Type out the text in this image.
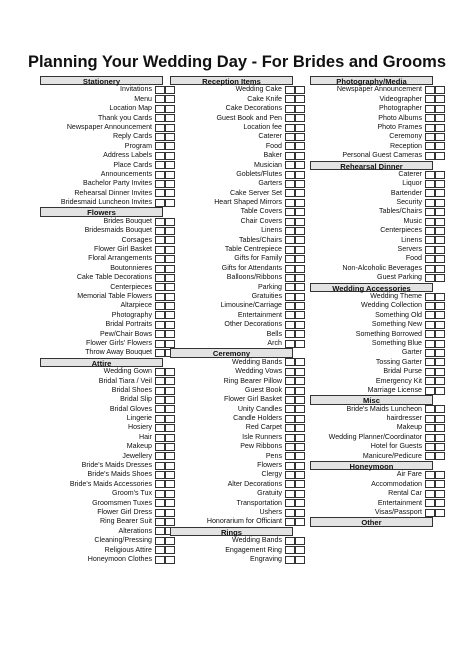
Planning Your Wedding Day - For Brides and Grooms
Stationery
Invitations
Menu
Location Map
Thank you Cards
Newspaper Announcement
Reply Cards
Program
Address Labels
Place Cards
Announcements
Bachelor Party Invites
Rehearsal Dinner Invites
Bridesmaid Luncheon Invites
Flowers
Brides Bouquet
Bridesmaids Bouquet
Corsages
Flower Girl Basket
Floral Arrangements
Boutonnieres
Cake Table Decorations
Centerpieces
Memorial Table Flowers
Altarpiece
Photography
Bridal Portraits
Pew/Chair Bows
Flower Girls' Flowers
Throw Away Bouquet
Attire
Wedding Gown
Bridal Tiara / Veil
Bridal Shoes
Bridal Slip
Bridal Gloves
Lingerie
Hosiery
Hair
Makeup
Jewellery
Bride's Maids Dresses
Bride's Maids Shoes
Bride's Maids Accessories
Groom's Tux
Groomsmen Tuxes
Flower Girl Dress
Ring Bearer Suit
Alterations
Cleaning/Pressing
Religious Attire
Honeymoon Clothes
Reception Items
Wedding Cake
Cake Knife
Cake Decorations
Guest Book and Pen
Location fee
Caterer
Food
Baker
Musician
Goblets/Flutes
Garters
Cake Server Set
Heart Shaped Mirrors
Table Covers
Chair Covers
Linens
Tables/Chairs
Table Centrepiece
Gifts for Family
Gifts for Attendants
Balloons/Ribbons
Parking
Gratuities
Limousine/Carriage
Entertainment
Other Decorations
Bells
Arch
Ceremony
Wedding Bands
Wedding Vows
Ring Bearer Pillow
Guest Book
Flower Girl Basket
Unity Candles
Candle Holders
Red Carpet
Isle Runners
Pew Ribbons
Pens
Flowers
Clergy
Alter Decorations
Gratuity
Transportation
Ushers
Honorarium for Officiant
Rings
Wedding Bands
Engagement Ring
Engraving
Photography/Media
Newspaper Announcement
Videographer
Photographer
Photo Albums
Photo Frames
Ceremony
Reception
Personal Guest Cameras
Rehearsal Dinner
Caterer
Liquor
Bartender
Security
Tables/Chairs
Music
Centerpieces
Linens
Servers
Food
Non-Alcoholic Beverages
Guest Parking
Wedding Accessories
Wedding Theme
Wedding Collection
Something Old
Something New
Something Borrowed
Something Blue
Garter
Tossing Garter
Bridal Purse
Emergency Kit
Marriage License
Misc
Bride's Maids Luncheon
hairdresser
Makeup
Wedding Planner/Coordinator
Hotel for Guests
Manicure/Pedicure
Honeymoon
Air Fare
Accommodation
Rental Car
Entertainment
Visas/Passport
Other
